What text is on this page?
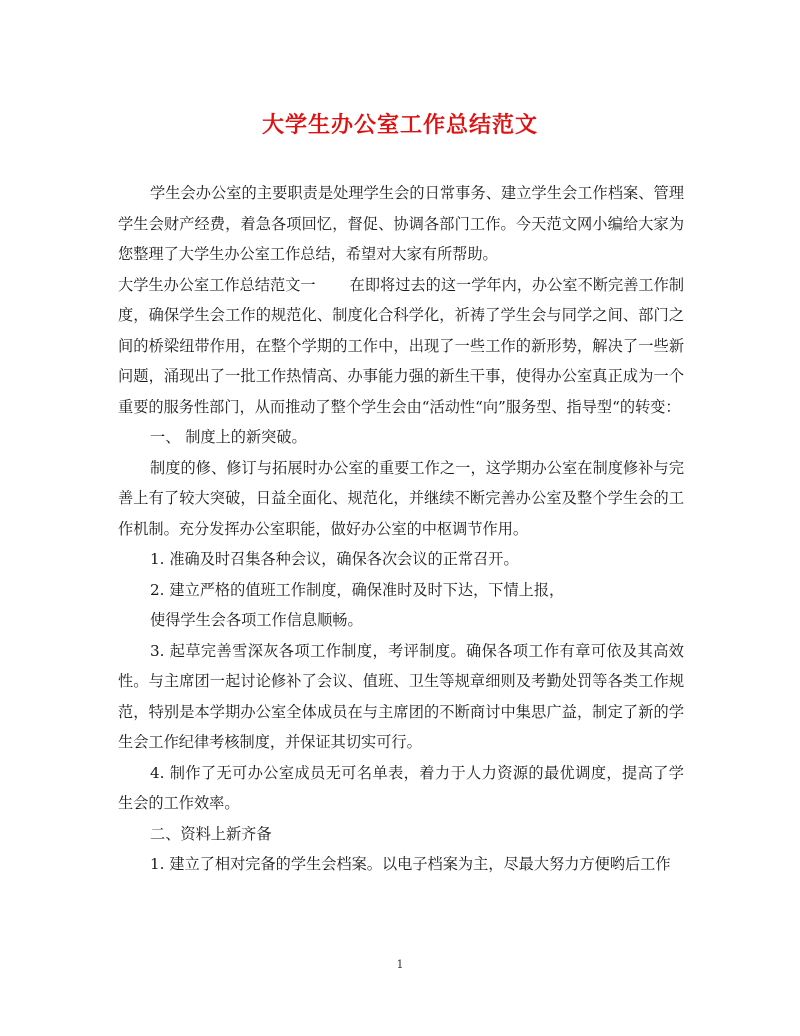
大学生办公室工作总结范文

学生会办公室的主要职责是处理学生会的日常事务、建立学生会工作档案、管理学生会财产经费，着急各项回忆，督促、协调各部门工作。今天范文网小编给大家为您整理了大学生办公室工作总结，希望对大家有所帮助。

大学生办公室工作总结范文一 在即将过去的这一学年内，办公室不断完善工作制度，确保学生会工作的规范化、制度化合科学化，祈祷了学生会与同学之间、部门之间的桥梁纽带作用，在整个学期的工作中，出现了一些工作的新形势，解决了一些新问题，涌现出了一批工作热情高、办事能力强的新生干事，使得办公室真正成为一个重要的服务性部门，从而推动了整个学生会由“活动性“向”服务型、指导型“的转变：

一、 制度上的新突破。

制度的修、修订与拓展时办公室的重要工作之一，这学期办公室在制度修补与完善上有了较大突破，日益全面化、规范化，并继续不断完善办公室及整个学生会的工作机制。充分发挥办公室职能，做好办公室的中枢调节作用。

1. 准确及时召集各种会议，确保各次会议的正常召开。

2. 建立严格的值班工作制度，确保准时及时下达，下情上报，

使得学生会各项工作信息顺畅。

3. 起草完善雪深灰各项工作制度，考评制度。确保各项工作有章可依及其高效性。与主席团一起讨论修补了会议、值班、卫生等规章细则及考勤处罚等各类工作规范，特别是本学期办公室全体成员在与主席团的不断商讨中集思广益，制定了新的学生会工作纪律考核制度，并保证其切实可行。

4. 制作了无可办公室成员无可名单表，着力于人力资源的最优调度，提高了学生会的工作效率。

二、资料上新齐备

1. 建立了相对完备的学生会档案。以电子档案为主，尽最大努力方便哟后工作

1
